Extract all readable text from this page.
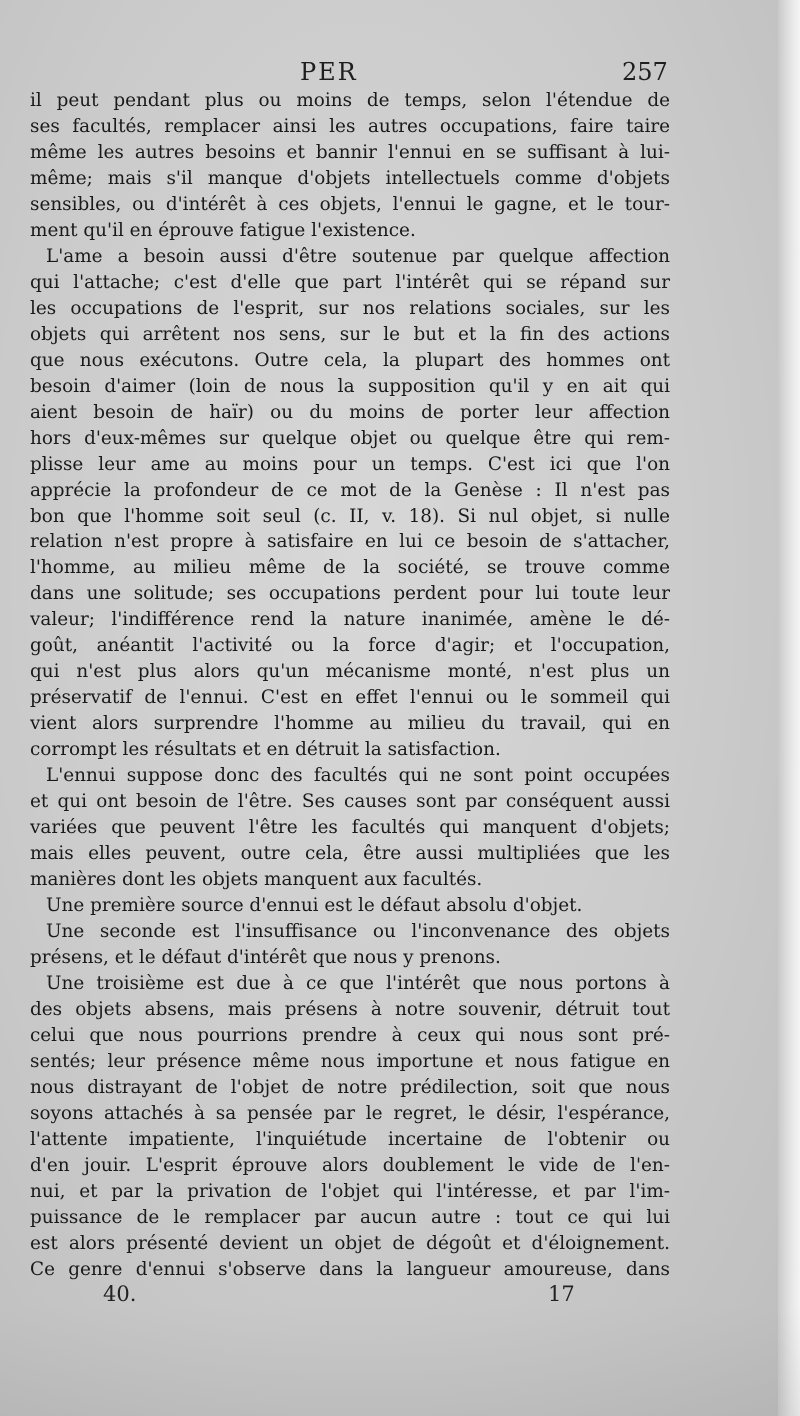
PER	257
il peut pendant plus ou moins de temps, selon l'étendue de
ses facultés, remplacer ainsi les autres occupations, faire taire
même les autres besoins et bannir l'ennui en se suffisant à lui-
même; mais s'il manque d'objets intellectuels comme d'objets
sensibles, ou d'intérêt à ces objets, l'ennui le gagne, et le tour-
ment qu'il en éprouve fatigue l'existence.
L'ame a besoin aussi d'être soutenue par quelque affection
qui l'attache; c'est d'elle que part l'intérêt qui se répand sur
les occupations de l'esprit, sur nos relations sociales, sur les
objets qui arrêtent nos sens, sur le but et la fin des actions
que nous exécutons. Outre cela, la plupart des hommes ont
besoin d'aimer (loin de nous la supposition qu'il y en ait qui
aient besoin de haïr) ou du moins de porter leur affection
hors d'eux-mêmes sur quelque objet ou quelque être qui rem-
plisse leur ame au moins pour un temps. C'est ici que l'on
apprécie la profondeur de ce mot de la Genèse : Il n'est pas
bon que l'homme soit seul (c. II, v. 18). Si nul objet, si nulle
relation n'est propre à satisfaire en lui ce besoin de s'attacher,
l'homme, au milieu même de la société, se trouve comme
dans une solitude; ses occupations perdent pour lui toute leur
valeur; l'indifférence rend la nature inanimée, amène le dé-
goût, anéantit l'activité ou la force d'agir; et l'occupation,
qui n'est plus alors qu'un mécanisme monté, n'est plus un
préservatif de l'ennui. C'est en effet l'ennui ou le sommeil qui
vient alors surprendre l'homme au milieu du travail, qui en
corrompt les résultats et en détruit la satisfaction.
L'ennui suppose donc des facultés qui ne sont point occupées
et qui ont besoin de l'être. Ses causes sont par conséquent aussi
variées que peuvent l'être les facultés qui manquent d'objets;
mais elles peuvent, outre cela, être aussi multipliées que les
manières dont les objets manquent aux facultés.
Une première source d'ennui est le défaut absolu d'objet.
Une seconde est l'insuffisance ou l'inconvenance des objets
présens, et le défaut d'intérêt que nous y prenons.
Une troisième est due à ce que l'intérêt que nous portons à
des objets absens, mais présens à notre souvenir, détruit tout
celui que nous pourrions prendre à ceux qui nous sont pré-
sentés; leur présence même nous importune et nous fatigue en
nous distrayant de l'objet de notre prédilection, soit que nous
soyons attachés à sa pensée par le regret, le désir, l'espérance,
l'attente impatiente, l'inquiétude incertaine de l'obtenir ou
d'en jouir. L'esprit éprouve alors doublement le vide de l'en-
nui, et par la privation de l'objet qui l'intéresse, et par l'im-
puissance de le remplacer par aucun autre : tout ce qui lui
est alors présenté devient un objet de dégoût et d'éloignement.
Ce genre d'ennui s'observe dans la langueur amoureuse, dans
40.	17
